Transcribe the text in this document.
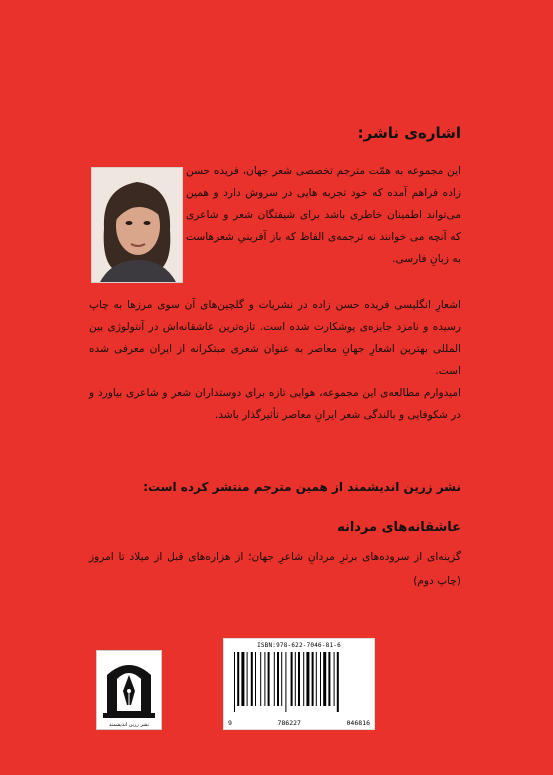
اشاره‌ی ناشر:
این مجموعه به همّت مترجم تخصصی شعر جهان، فریده حسن زاده فراهم آمده که خود تجربه هایی در سروش دارد و همین می‌تواند اطمینان خاطری باشد برای شیفتگان شعر و شاعری که آنچه می خوانند نه ترجمه‌ی الفاظ که باز آفرینیِ شعرهاست به زبانِ فارسی.

اشعارِ انگلیسی فریده حسن زاده در نشریات و گلچین‌های آن سوی مرزها به چاپ رسیده و نامزد جایزه‌ی پوشکارت شده است. تازه‌ترین عاشقانه‌اش در آنتولوژی بین المللی بهترین اشعارِ جهانِ معاصر به عنوان شعری مبتکرانه از ایران معرفی شده است.

امیدوارم مطالعه‌ی این مجموعه، هوایی تازه برای دوستداران شعر و شاعری بیاورد و در شکوفایی و بالندگی شعر ایرانِ معاصر تأثیرگذار باشد.

نشر زرین اندیشمند از همین مترجم منتشر کرده است:
عاشقانه‌های مردانه
گزینه‌ای از سروده‌های برترِ مردانِ شاعرِ جهان؛ از هزاره‌های قبل از میلاد تا امروز (چاپ دوم)
نشر زرین اندیشمند
ISBN:978-622-7046-81-6
9	786227	046816
